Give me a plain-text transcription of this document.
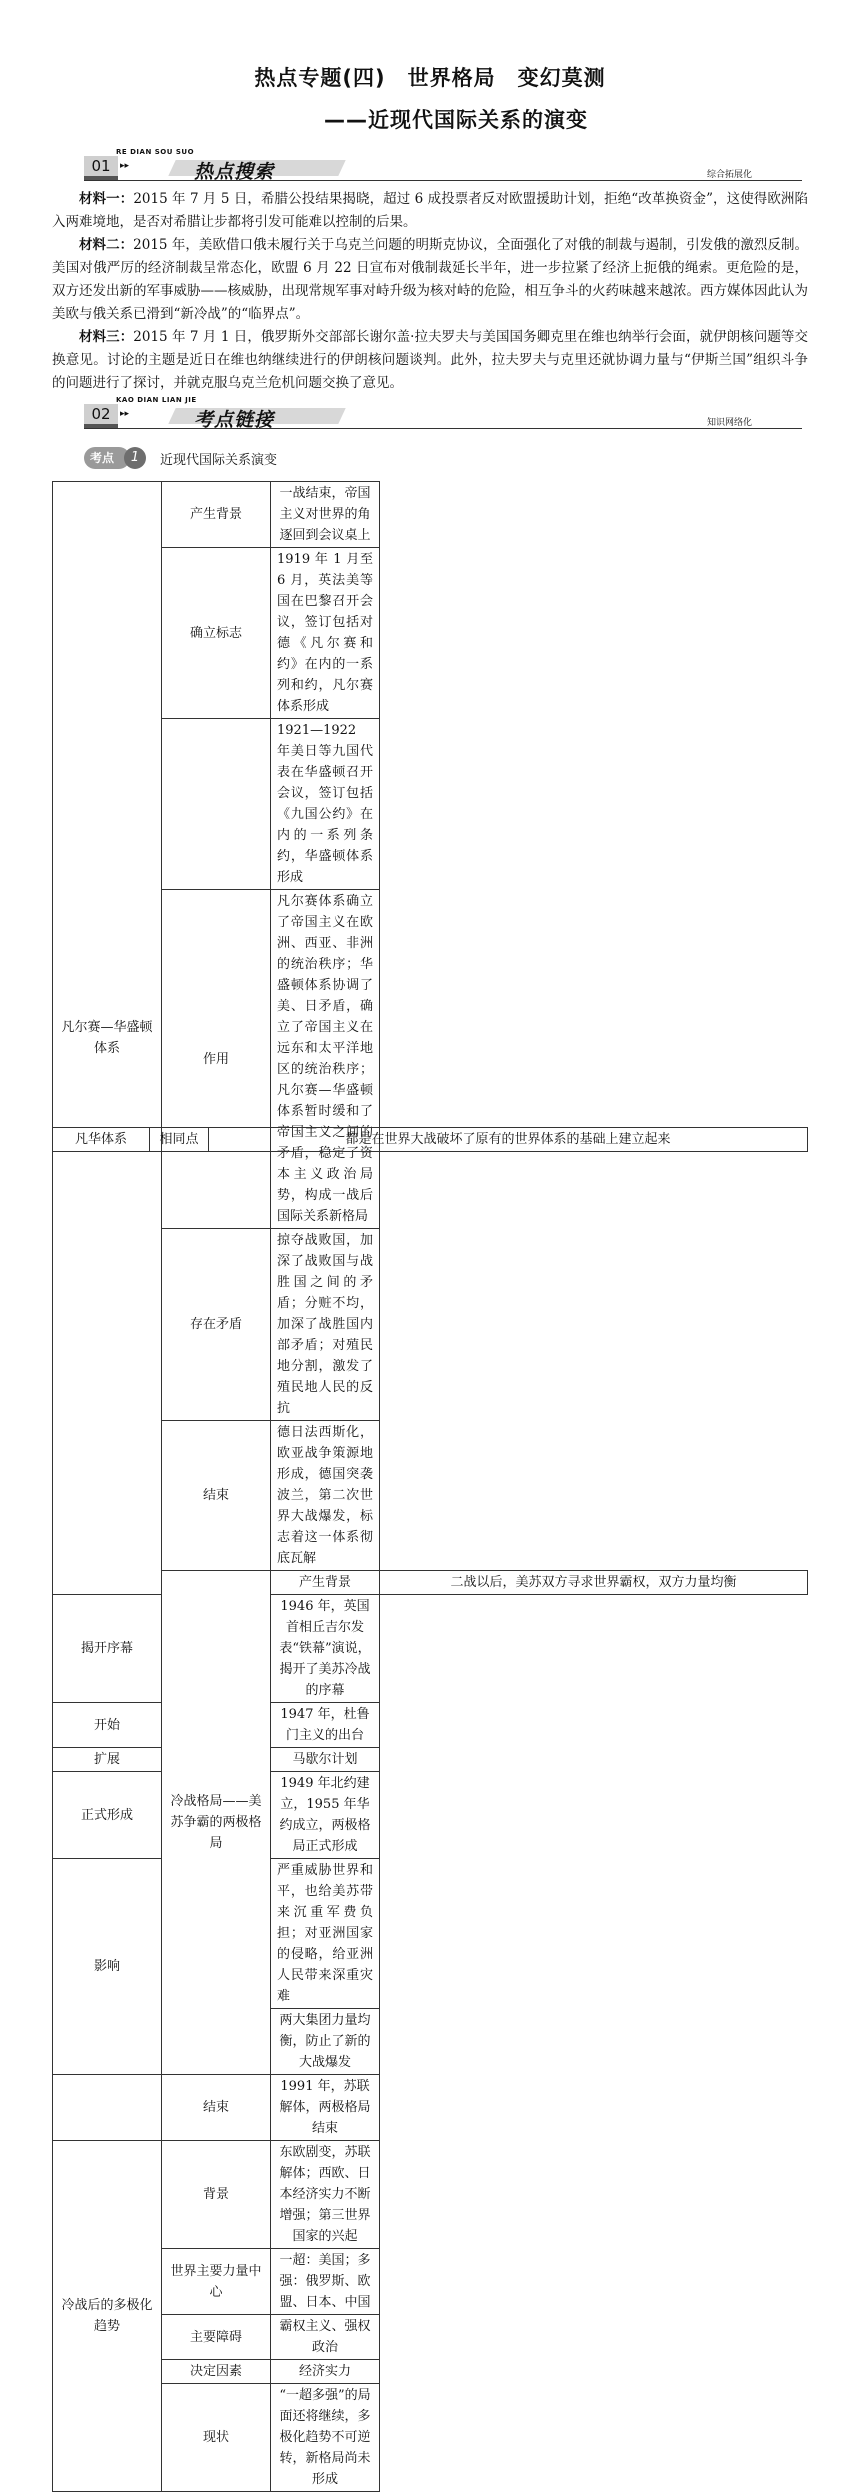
热点专题(四)　世界格局　变幻莫测
——近现代国际关系的演变
RE DIAN SOU SUO
01	▸▸	热点搜索	综合拓展化

材料一：2015 年 7 月 5 日，希腊公投结果揭晓，超过 6 成投票者反对欧盟援助计划，拒绝“改革换资金”，这使得欧洲陷入两难境地，是否对希腊让步都将引发可能难以控制的后果。

材料二：2015 年，美欧借口俄未履行关于乌克兰问题的明斯克协议，全面强化了对俄的制裁与遏制，引发俄的激烈反制。美国对俄严厉的经济制裁呈常态化，欧盟 6 月 22 日宣布对俄制裁延长半年，进一步拉紧了经济上扼俄的绳索。更危险的是，双方还发出新的军事威胁——核威胁，出现常规军事对峙升级为核对峙的危险，相互争斗的火药味越来越浓。西方媒体因此认为美欧与俄关系已滑到“新冷战”的“临界点”。

材料三：2015 年 7 月 1 日，俄罗斯外交部部长谢尔盖·拉夫罗夫与美国国务卿克里在维也纳举行会面，就伊朗核问题等交换意见。讨论的主题是近日在维也纳继续进行的伊朗核问题谈判。此外，拉夫罗夫与克里还就协调力量与“伊斯兰国”组织斗争的问题进行了探讨，并就克服乌克兰危机问题交换了意见。

KAO DIAN LIAN JIE
02	▸▸	考点链接	知识网络化
考点	1	近现代国际关系演变
凡尔赛—华盛顿体系	产生背景	一战结束，帝国主义对世界的角逐回到会议桌上	
	确立标志	1919 年 1 月至 6 月，英法美等国在巴黎召开会议，签订包括对德《凡尔赛和约》在内的一系列和约，凡尔赛体系形成	
		1921—1922 年美日等九国代表在华盛顿召开会议，签订包括《九国公约》在内的一系列条约，华盛顿体系形成	
	作用	凡尔赛体系确立了帝国主义在欧洲、西亚、非洲的统治秩序；华盛顿体系协调了美、日矛盾，确立了帝国主义在远东和太平洋地区的统治秩序；凡尔赛—华盛顿体系暂时缓和了帝国主义之间的矛盾，稳定了资本主义政治局势，构成一战后国际关系新格局	
	存在矛盾	掠夺战败国，加深了战败国与战胜国之间的矛盾；分赃不均，加深了战胜国内部矛盾；对殖民地分割，激发了殖民地人民的反抗	
	结束	德日法西斯化，欧亚战争策源地形成，德国突袭波兰，第二次世界大战爆发，标志着这一体系彻底瓦解	
	冷战格局——美苏争霸的两极格局	产生背景	二战以后，美苏双方寻求世界霸权，双方力量均衡
揭开序幕		1946 年，英国首相丘吉尔发表“铁幕”演说，揭开了美苏冷战的序幕	
开始		1947 年，杜鲁门主义的出台	
扩展		马歇尔计划	
正式形成		1949 年北约建立，1955 年华约成立，两极格局正式形成	
影响		严重威胁世界和平，也给美苏带来沉重军费负担；对亚洲国家的侵略，给亚洲人民带来深重灾难	
		两大集团力量均衡，防止了新的大战爆发	
	结束	1991 年，苏联解体，两极格局结束	
冷战后的多极化趋势	背景	东欧剧变，苏联解体；西欧、日本经济实力不断增强；第三世界国家的兴起	
	世界主要力量中心	一超：美国；多强：俄罗斯、欧盟、日本、中国	
	主要障碍	霸权主义、强权政治	
	决定因素	经济实力	
	现状	“一超多强”的局面还将继续，多极化趋势不可逆转，新格局尚未形成	
凡华体系	相同点	都是在世界大战破坏了原有的世界体系的基础上建立起来
